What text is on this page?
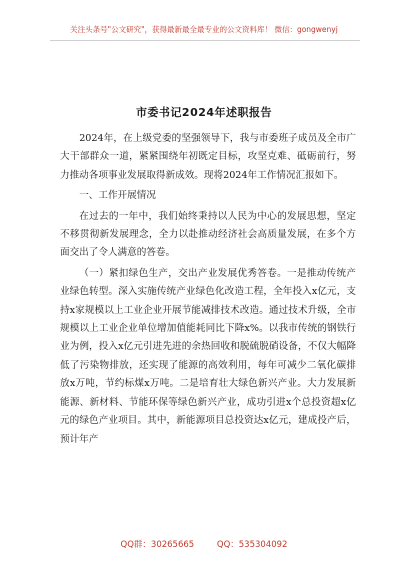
关注头条号"公文研究"，获得最新最全最专业的公文资料库！ 微信：gongwenyj
市委书记2024年述职报告

2024年，在上级党委的坚强领导下，我与市委班子成员及全市广大干部群众一道，紧紧围绕年初既定目标，攻坚克难、砥砺前行，努力推动各项事业发展取得新成效。现将2024年工作情况汇报如下。

一、工作开展情况

在过去的一年中，我们始终秉持以人民为中心的发展思想，坚定不移贯彻新发展理念，全力以赴推动经济社会高质量发展，在多个方面交出了令人满意的答卷。

（一）紧扣绿色生产，交出产业发展优秀答卷。一是推动传统产业绿色转型。深入实施传统产业绿色化改造工程，全年投入x亿元，支持x家规模以上工业企业开展节能减排技术改造。通过技术升级，全市规模以上工业企业单位增加值能耗同比下降x%。以我市传统的钢铁行业为例，投入x亿元引进先进的余热回收和脱硫脱硝设备，不仅大幅降低了污染物排放，还实现了能源的高效利用，每年可减少二氧化碳排放x万吨，节约标煤x万吨。二是培育壮大绿色新兴产业。大力发展新能源、新材料、节能环保等绿色新兴产业，成功引进x个总投资超x亿元的绿色产业项目。其中，新能源项目总投资达x亿元，建成投产后，预计年产

QQ群：30265665	QQ：535304092
